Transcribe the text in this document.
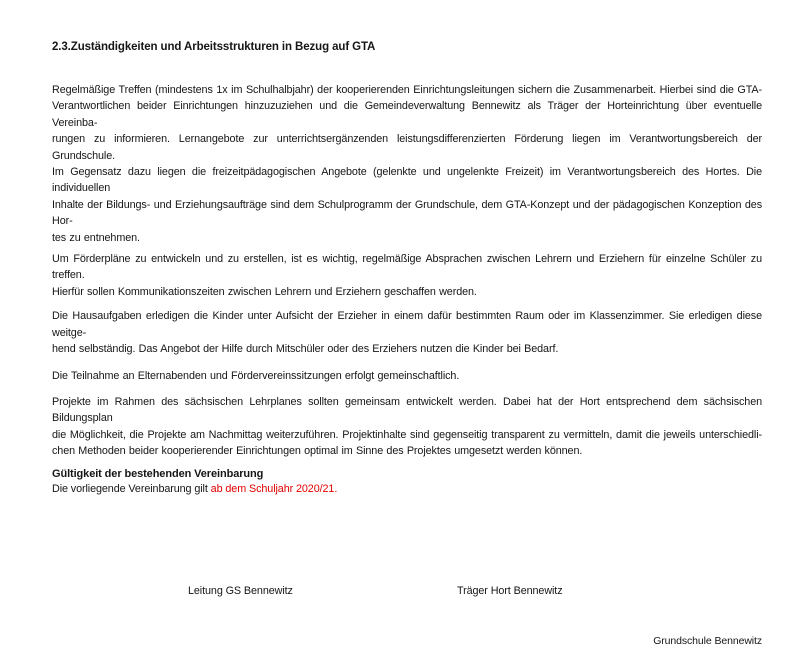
2.3.Zuständigkeiten und Arbeitsstrukturen in Bezug auf GTA
Regelmäßige Treffen (mindestens 1x im Schulhalbjahr) der kooperierenden Einrichtungsleitungen sichern die Zusammenarbeit. Hierbei sind die GTA-
Verantwortlichen beider Einrichtungen hinzuzuziehen und die Gemeindeverwaltung Bennewitz als Träger der Horteinrichtung über eventuelle Vereinba-
rungen zu informieren. Lernangebote zur unterrichtsergänzenden leistungsdifferenzierten Förderung liegen im Verantwortungsbereich der Grundschule.
Im Gegensatz dazu liegen die freizeitpädagogischen Angebote (gelenkte und ungelenkte Freizeit) im Verantwortungsbereich des Hortes. Die individuellen
Inhalte der Bildungs- und Erziehungsaufträge sind dem Schulprogramm der Grundschule, dem GTA-Konzept und der pädagogischen Konzeption des Hor-
tes zu entnehmen.
Um Förderpläne zu entwickeln und zu erstellen, ist es wichtig, regelmäßige Absprachen zwischen Lehrern und Erziehern für einzelne Schüler zu treffen.
Hierfür sollen Kommunikationszeiten zwischen Lehrern und Erziehern geschaffen werden.
Die Hausaufgaben erledigen die Kinder unter Aufsicht der Erzieher in einem dafür bestimmten Raum oder im Klassenzimmer. Sie erledigen diese weitge-
hend selbständig. Das Angebot der Hilfe durch Mitschüler oder des Erziehers nutzen die Kinder bei Bedarf.
Die Teilnahme an Elternabenden und Fördervereinssitzungen erfolgt gemeinschaftlich.
Projekte im Rahmen des sächsischen Lehrplanes sollten gemeinsam entwickelt werden. Dabei hat der Hort entsprechend dem sächsischen Bildungsplan
die Möglichkeit, die Projekte am Nachmittag weiterzuführen. Projektinhalte sind gegenseitig transparent zu vermitteln, damit die jeweils unterschiedli-
chen Methoden beider kooperierender Einrichtungen optimal im Sinne des Projektes umgesetzt werden können.
Gültigkeit der bestehenden Vereinbarung
Die vorliegende Vereinbarung gilt ab dem Schuljahr 2020/21.
Leitung GS Bennewitz	Träger Hort Bennewitz
Grundschule Bennewitz
